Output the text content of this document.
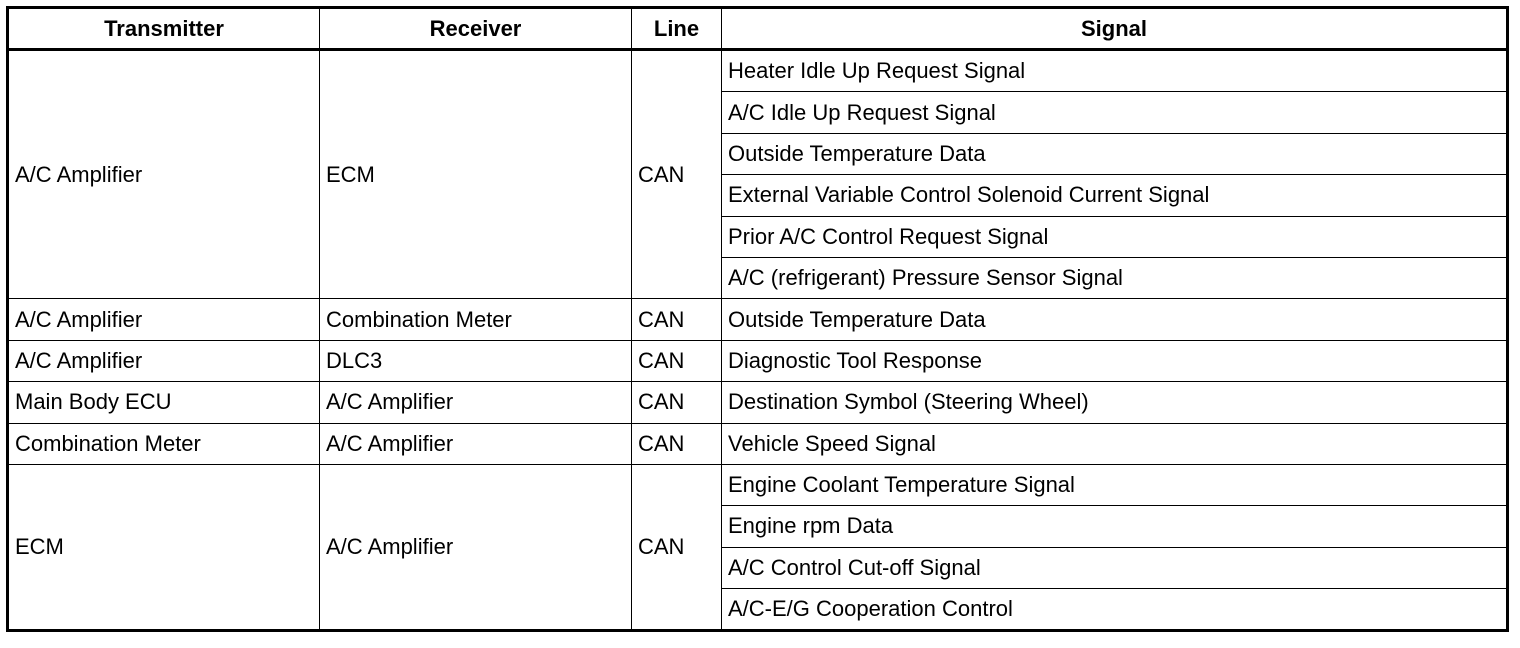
Transmitter	Receiver	Line	Signal
A/C Amplifier	ECM	CAN	Heater Idle Up Request Signal
			A/C Idle Up Request Signal
			Outside Temperature Data
			External Variable Control Solenoid Current Signal
			Prior A/C Control Request Signal
			A/C (refrigerant) Pressure Sensor Signal
A/C Amplifier	Combination Meter	CAN	Outside Temperature Data
A/C Amplifier	DLC3	CAN	Diagnostic Tool Response
Main Body ECU	A/C Amplifier	CAN	Destination Symbol (Steering Wheel)
Combination Meter	A/C Amplifier	CAN	Vehicle Speed Signal
ECM	A/C Amplifier	CAN	Engine Coolant Temperature Signal
			Engine rpm Data
			A/C Control Cut-off Signal
			A/C-E/G Cooperation Control
